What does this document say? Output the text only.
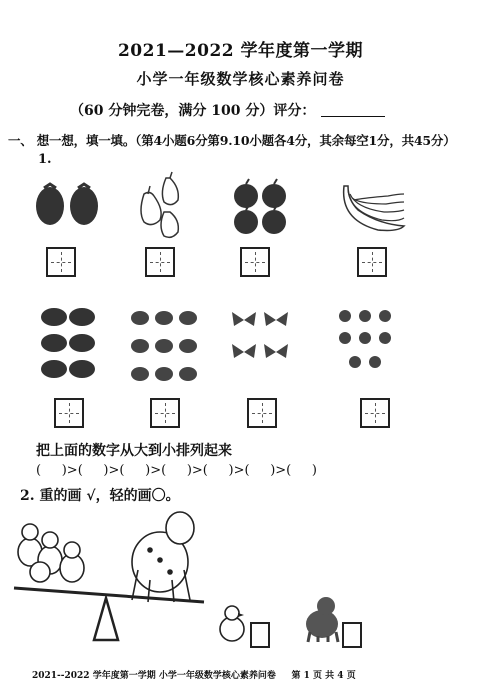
2021—2022 学年度第一学期
小学一年级数学核心素养问卷
（60 分钟完卷，满分 100 分）评分：
一、 想一想，填一填。（第4小题6分第9.10小题各4分，其余每空1分，共45分）
1.
把上面的数字从大到小排列起来
(     )>(     )>(     )>(     )>(     )>(     )>(     )
2. 重的画 √，轻的画〇。
2021--2022 学年度第一学期 小学一年级数学核心素养问卷     第 1 页 共 4 页
